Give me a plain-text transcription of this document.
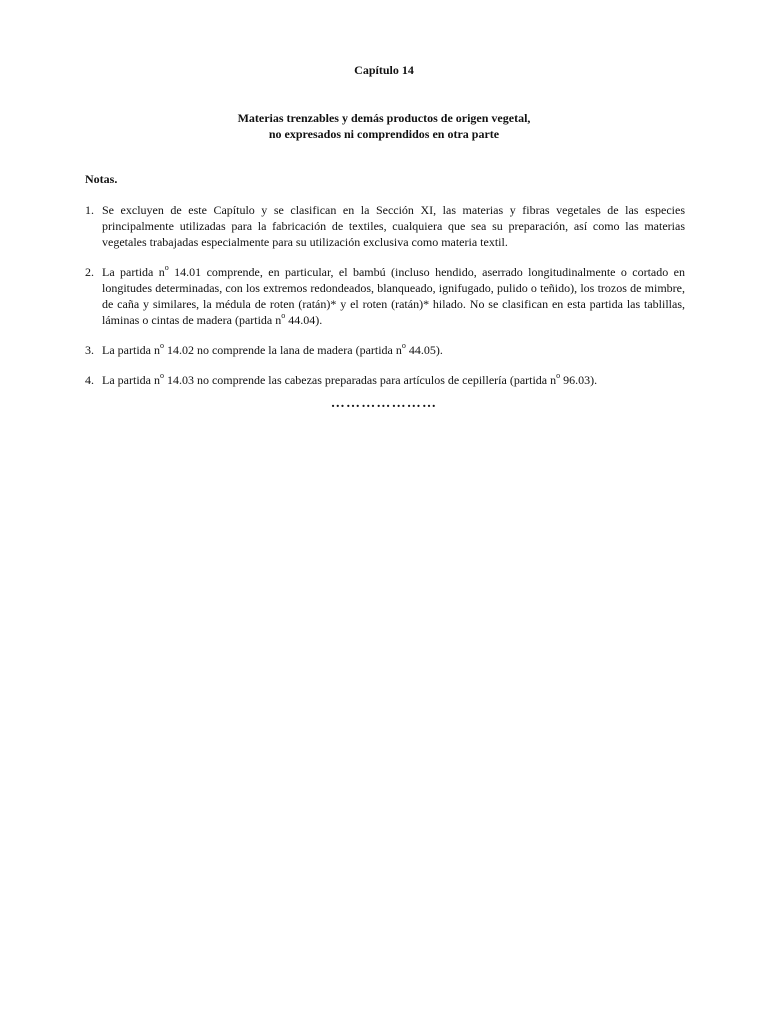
Capítulo 14
Materias trenzables y demás productos de origen vegetal,
no expresados ni comprendidos en otra parte
Notas.
1. Se excluyen de este Capítulo y se clasifican en la Sección XI, las materias y fibras vegetales de las especies principalmente utilizadas para la fabricación de textiles, cualquiera que sea su preparación, así como las materias vegetales trabajadas especialmente para su utilización exclusiva como materia textil.
2. La partida $n^o$ 14.01 comprende, en particular, el bambú (incluso hendido, aserrado longitudinalmente o cortado en longitudes determinadas, con los extremos redondeados, blanqueado, ignifugado, pulido o teñido), los trozos de mimbre, de caña y similares, la médula de roten (ratán)* y el roten (ratán)* hilado. No se clasifican en esta partida las tablillas, láminas o cintas de madera (partida $n^o$ 44.04).
3. La partida $n^o$ 14.02 no comprende la lana de madera (partida $n^o$ 44.05).
4. La partida $n^o$ 14.03 no comprende las cabezas preparadas para artículos de cepillería (partida $n^o$ 96.03).
…………………
